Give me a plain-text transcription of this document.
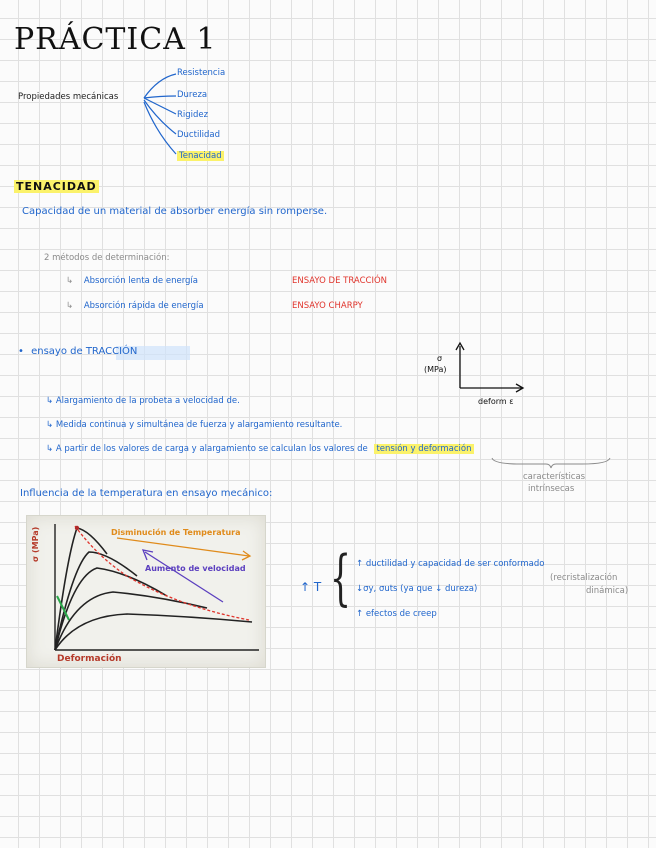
PRÁCTICA 1
Propiedades mecánicas
Resistencia
Dureza
Rigidez
Ductilidad
Tenacidad
TENACIDAD
Capacidad de un material de absorber energía sin romperse.
2 métodos de determinación:
↳ Absorción lenta de energía	ENSAYO DE TRACCIÓN
↳ Absorción rápida de energía	ENSAYO CHARPY
• ensayo de TRACCIÓN
σ
(MPa)
deform ε
↳ Alargamiento de la probeta a velocidad de.
↳ Medida continua y simultánea de fuerza y alargamiento resultante.
↳ A partir de los valores de carga y alargamiento se calculan los valores de tensión y deformación
características
intrínsecas
Influencia de la temperatura en ensayo mecánico:
σ (MPa)
Deformación
Disminución de Temperatura
Aumento de velocidad
↑ T { ↑ ductilidad y capacidad de ser conformado
↓σy, σuts (ya que ↓ dureza)
↑ efectos de creep
(recristalización
dinámica)
